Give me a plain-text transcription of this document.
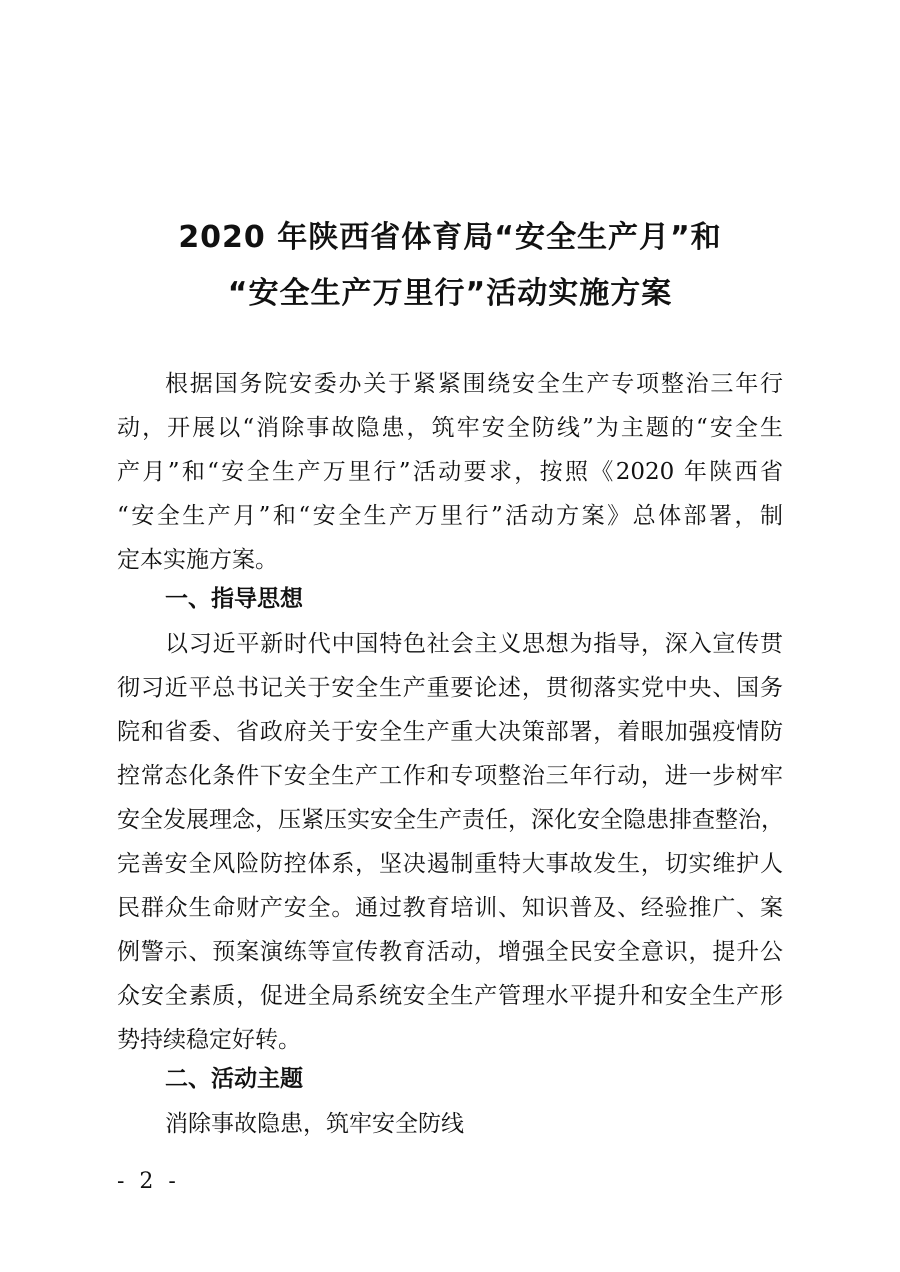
2020 年陕西省体育局“安全生产月”和
“安全生产万里行”活动实施方案
根据国务院安委办关于紧紧围绕安全生产专项整治三年行
动，开展以“消除事故隐患，筑牢安全防线”为主题的“安全生
产月”和“安全生产万里行”活动要求，按照《2020 年陕西省
“安全生产月”和“安全生产万里行”活动方案》总体部署，制
定本实施方案。
一、指导思想
以习近平新时代中国特色社会主义思想为指导，深入宣传贯
彻习近平总书记关于安全生产重要论述，贯彻落实党中央、国务
院和省委、省政府关于安全生产重大决策部署，着眼加强疫情防
控常态化条件下安全生产工作和专项整治三年行动，进一步树牢
安全发展理念，压紧压实安全生产责任，深化安全隐患排查整治，
完善安全风险防控体系，坚决遏制重特大事故发生，切实维护人
民群众生命财产安全。通过教育培训、知识普及、经验推广、案
例警示、预案演练等宣传教育活动，增强全民安全意识，提升公
众安全素质，促进全局系统安全生产管理水平提升和安全生产形
势持续稳定好转。
二、活动主题
消除事故隐患，筑牢安全防线
- 2 -
